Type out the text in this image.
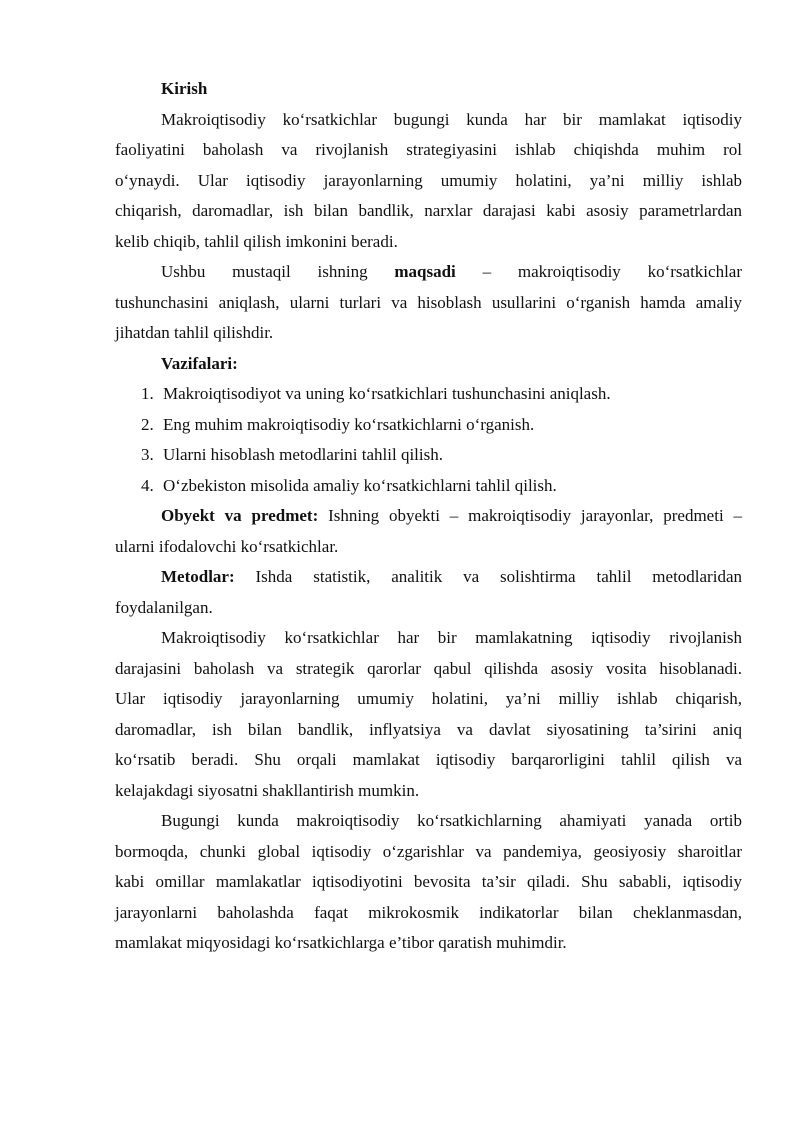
Kirish
Makroiqtisodiy ko‘rsatkichlar bugungi kunda har bir mamlakat iqtisodiy
faoliyatini baholash va rivojlanish strategiyasini ishlab chiqishda muhim rol
o‘ynaydi. Ular iqtisodiy jarayonlarning umumiy holatini, ya’ni milliy ishlab
chiqarish, daromadlar, ish bilan bandlik, narxlar darajasi kabi asosiy parametrlardan
kelib chiqib, tahlil qilish imkonini beradi.
Ushbu mustaqil ishning maqsadi – makroiqtisodiy ko‘rsatkichlar
tushunchasini aniqlash, ularni turlari va hisoblash usullarini o‘rganish hamda amaliy
jihatdan tahlil qilishdir.
Vazifalari:
1. Makroiqtisodiyot va uning ko‘rsatkichlari tushunchasini aniqlash.
2. Eng muhim makroiqtisodiy ko‘rsatkichlarni o‘rganish.
3. Ularni hisoblash metodlarini tahlil qilish.
4. O‘zbekiston misolida amaliy ko‘rsatkichlarni tahlil qilish.
Obyekt va predmet: Ishning obyekti – makroiqtisodiy jarayonlar, predmeti –
ularni ifodalovchi ko‘rsatkichlar.
Metodlar: Ishda statistik, analitik va solishtirma tahlil metodlaridan
foydalanilgan.
Makroiqtisodiy ko‘rsatkichlar har bir mamlakatning iqtisodiy rivojlanish
darajasini baholash va strategik qarorlar qabul qilishda asosiy vosita hisoblanadi.
Ular iqtisodiy jarayonlarning umumiy holatini, ya’ni milliy ishlab chiqarish,
daromadlar, ish bilan bandlik, inflyatsiya va davlat siyosatining ta’sirini aniq
ko‘rsatib beradi. Shu orqali mamlakat iqtisodiy barqarorligini tahlil qilish va
kelajakdagi siyosatni shakllantirish mumkin.
Bugungi kunda makroiqtisodiy ko‘rsatkichlarning ahamiyati yanada ortib
bormoqda, chunki global iqtisodiy o‘zgarishlar va pandemiya, geosiyosiy sharoitlar
kabi omillar mamlakatlar iqtisodiyotini bevosita ta’sir qiladi. Shu sababli, iqtisodiy
jarayonlarni baholashda faqat mikrokosmik indikatorlar bilan cheklanmasdan,
mamlakat miqyosidagi ko‘rsatkichlarga e’tibor qaratish muhimdir.
